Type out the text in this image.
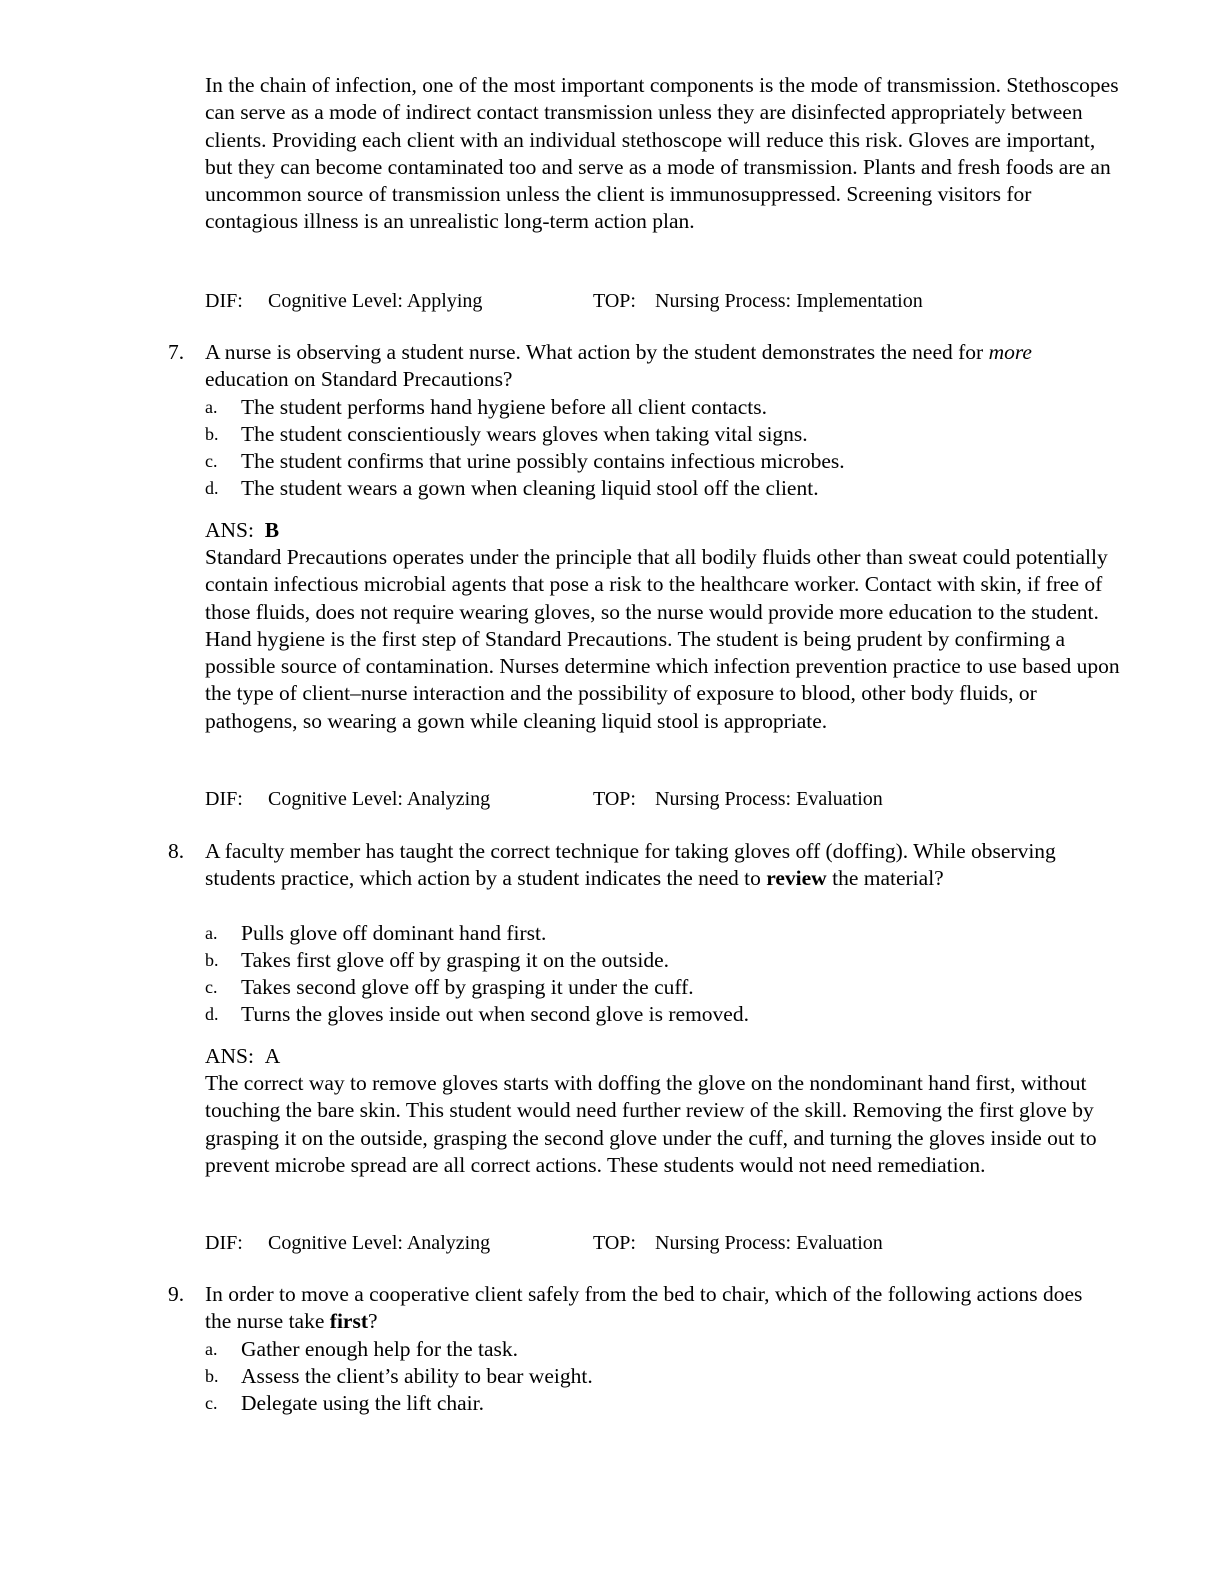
In the chain of infection, one of the most important components is the mode of transmission. Stethoscopes can serve as a mode of indirect contact transmission unless they are disinfected appropriately between clients. Providing each client with an individual stethoscope will reduce this risk. Gloves are important, but they can become contaminated too and serve as a mode of transmission. Plants and fresh foods are an uncommon source of transmission unless the client is immunosuppressed. Screening visitors for contagious illness is an unrealistic long-term action plan.
DIF: Cognitive Level: Applying	TOP: Nursing Process: Implementation
7. A nurse is observing a student nurse. What action by the student demonstrates the need for more education on Standard Precautions?
a. The student performs hand hygiene before all client contacts.
b. The student conscientiously wears gloves when taking vital signs.
c. The student confirms that urine possibly contains infectious microbes.
d. The student wears a gown when cleaning liquid stool off the client.
ANS: B
Standard Precautions operates under the principle that all bodily fluids other than sweat could potentially contain infectious microbial agents that pose a risk to the healthcare worker. Contact with skin, if free of those fluids, does not require wearing gloves, so the nurse would provide more education to the student. Hand hygiene is the first step of Standard Precautions. The student is being prudent by confirming a possible source of contamination. Nurses determine which infection prevention practice to use based upon the type of client–nurse interaction and the possibility of exposure to blood, other body fluids, or pathogens, so wearing a gown while cleaning liquid stool is appropriate.
DIF: Cognitive Level: Analyzing	TOP: Nursing Process: Evaluation
8. A faculty member has taught the correct technique for taking gloves off (doffing). While observing students practice, which action by a student indicates the need to review the material?
a. Pulls glove off dominant hand first.
b. Takes first glove off by grasping it on the outside.
c. Takes second glove off by grasping it under the cuff.
d. Turns the gloves inside out when second glove is removed.
ANS: A
The correct way to remove gloves starts with doffing the glove on the nondominant hand first, without touching the bare skin. This student would need further review of the skill. Removing the first glove by grasping it on the outside, grasping the second glove under the cuff, and turning the gloves inside out to prevent microbe spread are all correct actions. These students would not need remediation.
DIF: Cognitive Level: Analyzing	TOP: Nursing Process: Evaluation
9. In order to move a cooperative client safely from the bed to chair, which of the following actions does the nurse take first?
a. Gather enough help for the task.
b. Assess the client’s ability to bear weight.
c. Delegate using the lift chair.
